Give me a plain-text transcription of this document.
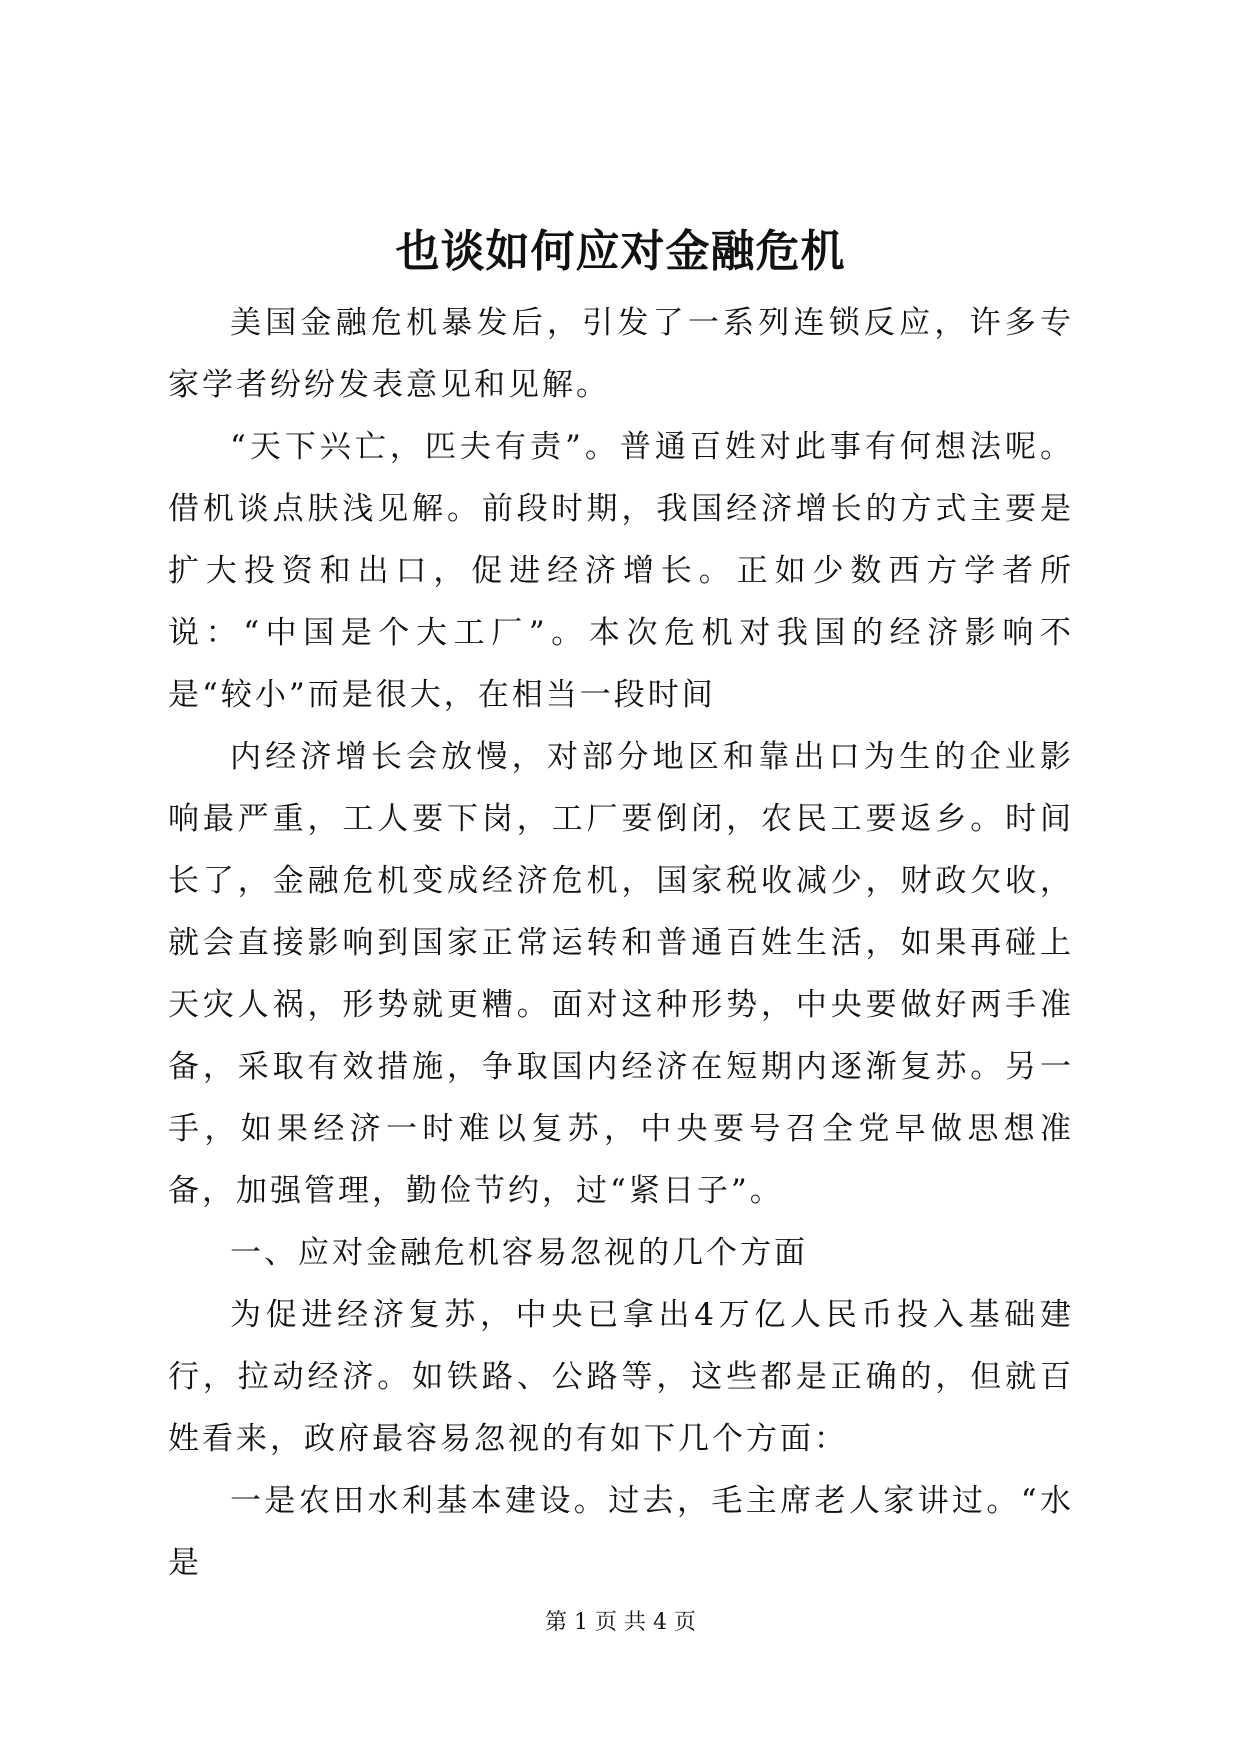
也谈如何应对金融危机

美国金融危机暴发后，引发了一系列连锁反应，许多专家学者纷纷发表意见和见解。

“天下兴亡，匹夫有责”。普通百姓对此事有何想法呢。借机谈点肤浅见解。前段时期，我国经济增长的方式主要是扩大投资和出口，促进经济增长。正如少数西方学者所说：“中国是个大工厂”。本次危机对我国的经济影响不是“较小”而是很大，在相当一段时间

内经济增长会放慢，对部分地区和靠出口为生的企业影响最严重，工人要下岗，工厂要倒闭，农民工要返乡。时间长了，金融危机变成经济危机，国家税收减少，财政欠收，就会直接影响到国家正常运转和普通百姓生活，如果再碰上天灾人祸，形势就更糟。面对这种形势，中央要做好两手准备，采取有效措施，争取国内经济在短期内逐渐复苏。另一手，如果经济一时难以复苏，中央要号召全党早做思想准备，加强管理，勤俭节约，过“紧日子”。

一、应对金融危机容易忽视的几个方面

为促进经济复苏，中央已拿出4万亿人民币投入基础建行，拉动经济。如铁路、公路等，这些都是正确的，但就百姓看来，政府最容易忽视的有如下几个方面：

一是农田水利基本建设。过去，毛主席老人家讲过。“水是

第 1 页 共 4 页
